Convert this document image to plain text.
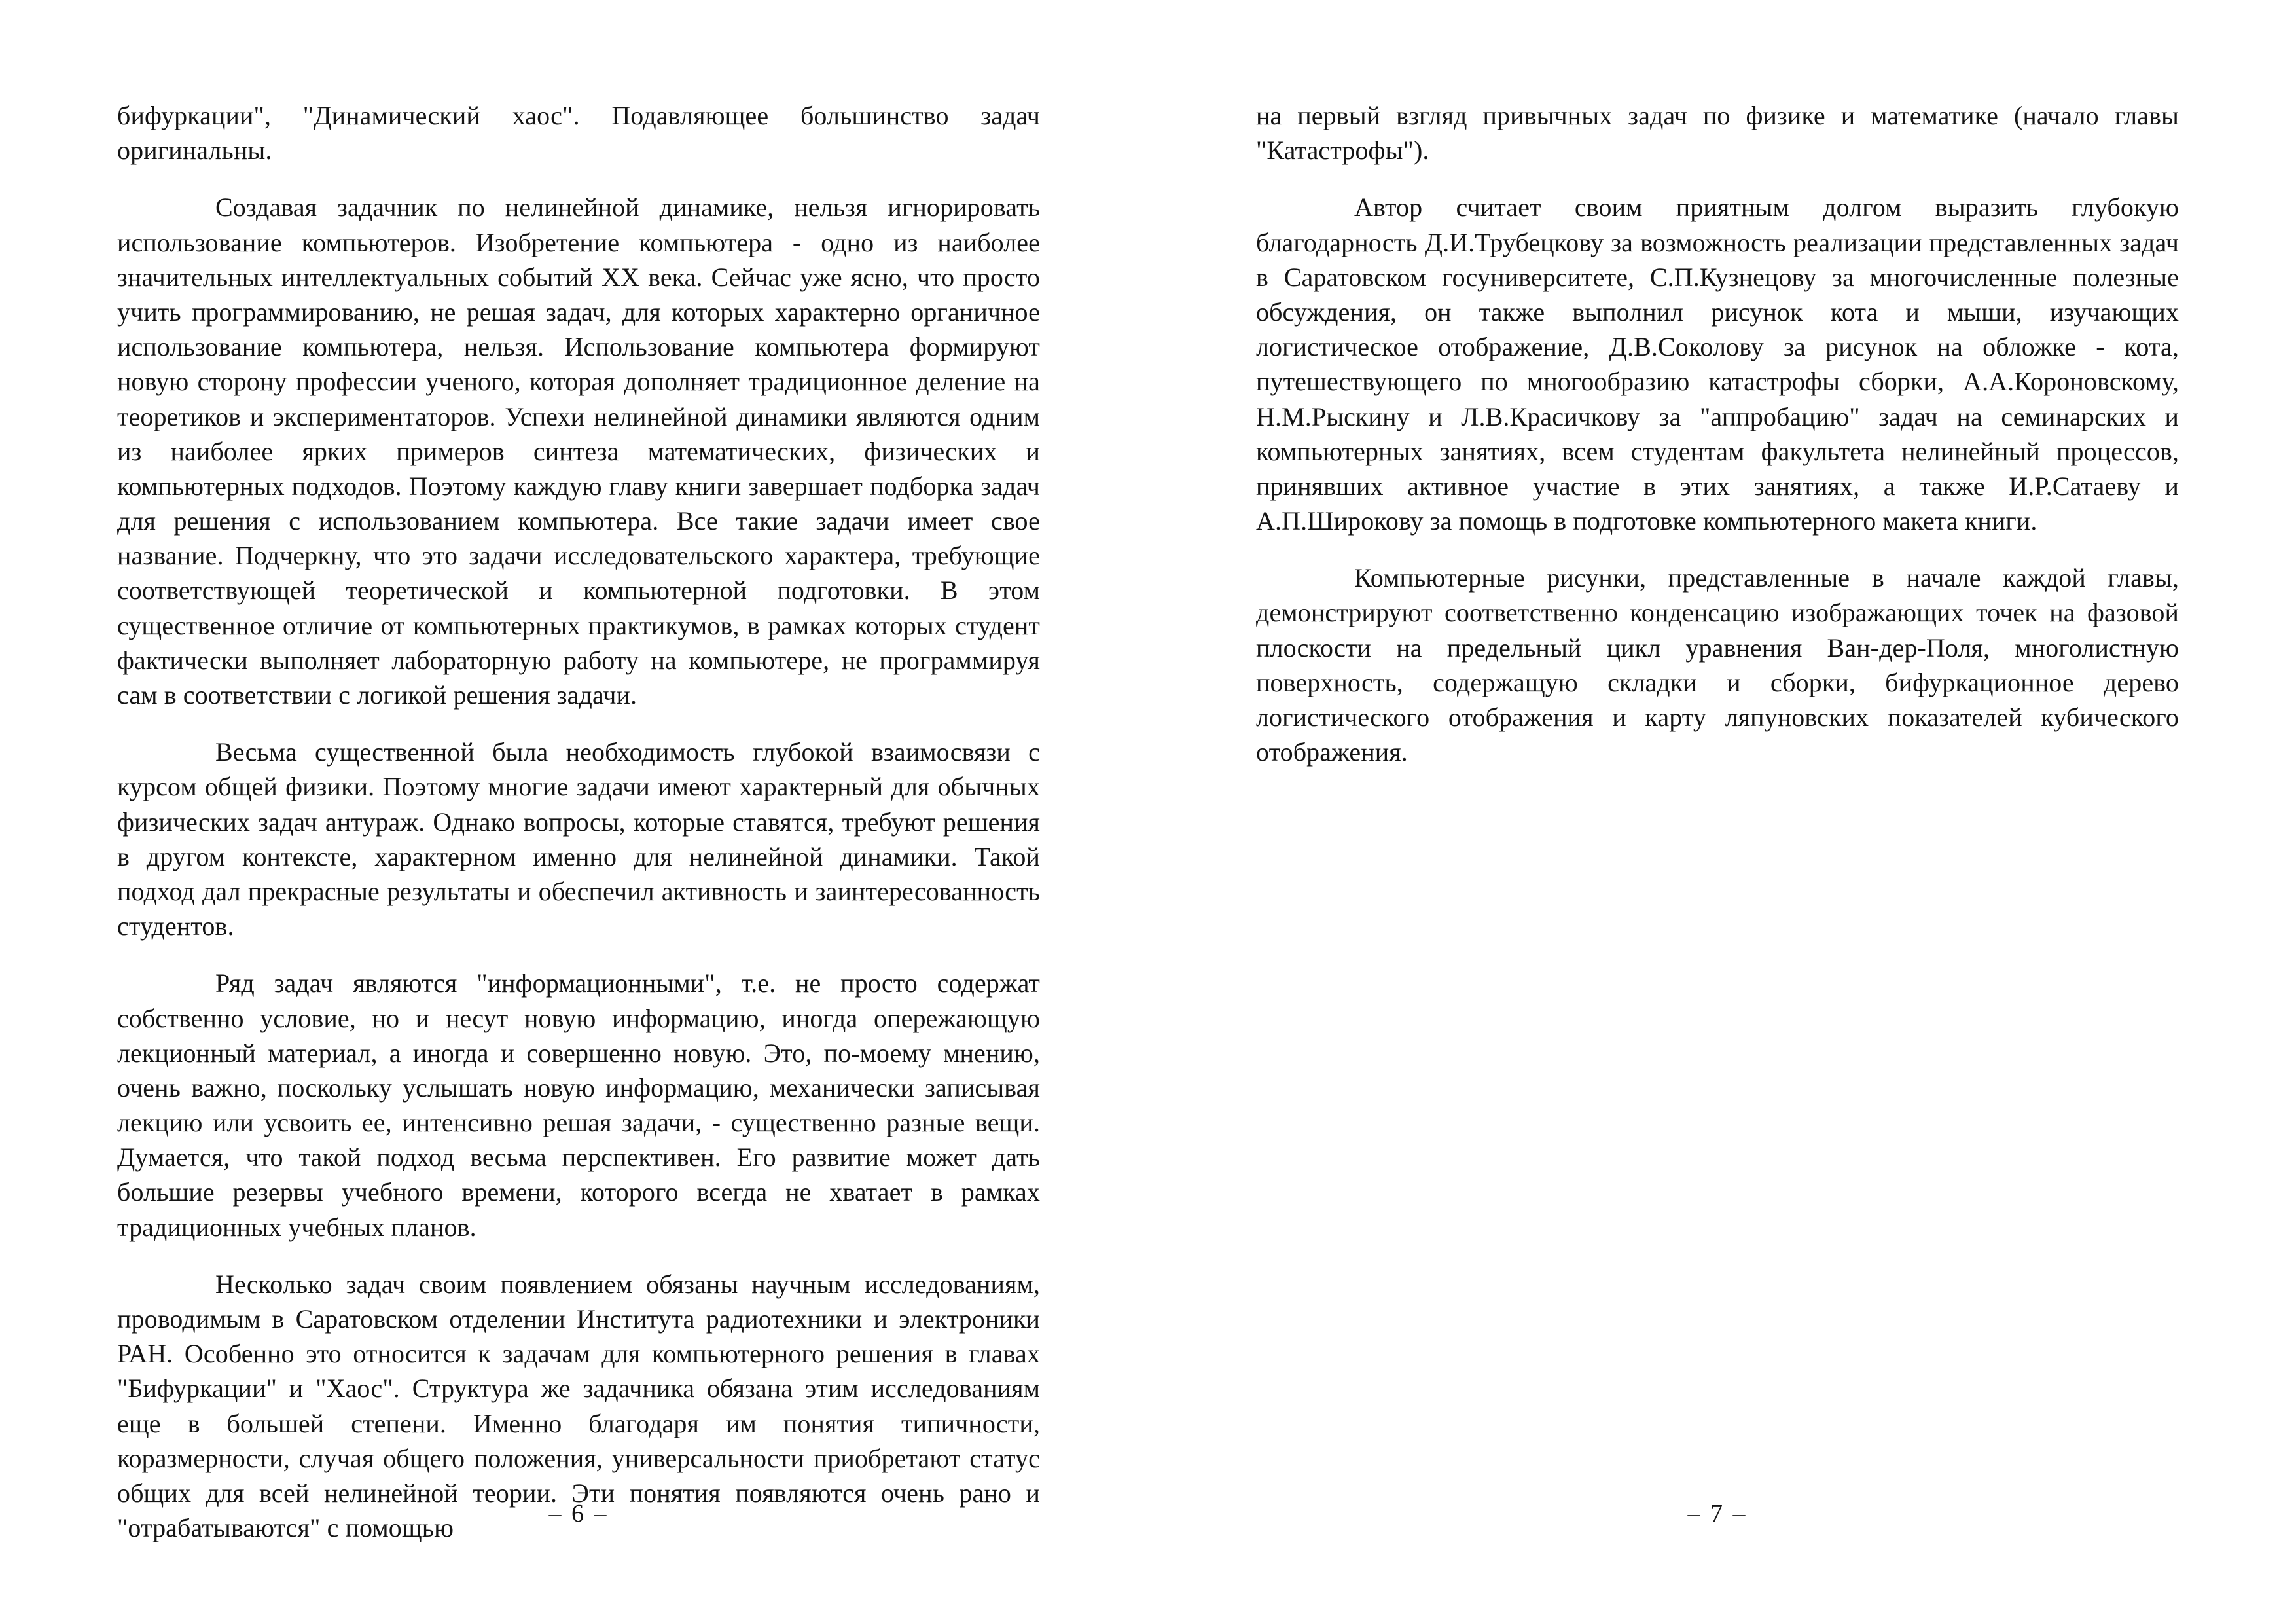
бифуркации", "Динамический хаос". Подавляющее большинство задач оригинальны.

Создавая задачник по нелинейной динамике, нельзя игнорировать использование компьютеров. Изобретение компьютера - одно из наиболее значительных интеллектуальных событий XX века. Сейчас уже ясно, что просто учить программированию, не решая задач, для которых характерно органичное использование компьютера, нельзя. Использование компьютера формируют новую сторону профессии ученого, которая дополняет традиционное деление на теоретиков и экспериментаторов. Успехи нелинейной динамики являются одним из наиболее ярких примеров синтеза математических, физических и компьютерных подходов. Поэтому каждую главу книги завершает подборка задач для решения с использованием компьютера. Все такие задачи имеет свое название. Подчеркну, что это задачи исследовательского характера, требующие соответствующей теоретической и компьютерной подготовки. В этом существенное отличие от компьютерных практикумов, в рамках которых студент фактически выполняет лабораторную работу на компьютере, не программируя сам в соответствии с логикой решения задачи.

Весьма существенной была необходимость глубокой взаимосвязи с курсом общей физики. Поэтому многие задачи имеют характерный для обычных физических задач антураж. Однако вопросы, которые ставятся, требуют решения в другом контексте, характерном именно для нелинейной динамики. Такой подход дал прекрасные результаты и обеспечил активность и заинтересованность студентов.

Ряд задач являются "информационными", т.е. не просто содержат собственно условие, но и несут новую информацию, иногда опережающую лекционный материал, а иногда и совершенно новую. Это, по-моему мнению, очень важно, поскольку услышать новую информацию, механически записывая лекцию или усвоить ее, интенсивно решая задачи, - существенно разные вещи. Думается, что такой подход весьма перспективен. Его развитие может дать большие резервы учебного времени, которого всегда не хватает в рамках традиционных учебных планов.

Несколько задач своим появлением обязаны научным исследованиям, проводимым в Саратовском отделении Института радиотехники и электроники РАН. Особенно это относится к задачам для компьютерного решения в главах "Бифуркации" и "Хаос". Структура же задачника обязана этим исследованиям еще в большей степени. Именно благодаря им понятия типичности, коразмерности, случая общего положения, универсальности приобретают статус общих для всей нелинейной теории. Эти понятия появляются очень рано и "отрабатываются" с помощью	– 6 –

на первый взгляд привычных задач по физике и математике (начало главы "Катастрофы").

Автор считает своим приятным долгом выразить глубокую благодарность Д.И.Трубецкову за возможность реализации представленных задач в Саратовском госуниверситете, С.П.Кузнецову за многочисленные полезные обсуждения, он также выполнил рисунок кота и мыши, изучающих логистическое отображение, Д.В.Соколову за рисунок на обложке - кота, путешествующего по многообразию катастрофы сборки, А.А.Короновскому, Н.М.Рыскину и Л.В.Красичкову за "аппробацию" задач на семинарских и компьютерных занятиях, всем студентам факультета нелинейный процессов, принявших активное участие в этих занятиях, а также И.Р.Сатаеву и А.П.Широкову за помощь в подготовке компьютерного макета книги.

Компьютерные рисунки, представленные в начале каждой главы, демонстрируют соответственно конденсацию изображающих точек на фазовой плоскости на предельный цикл уравнения Ван-дер-Поля, многолистную поверхность, содержащую складки и сборки, бифуркационное дерево логистического отображения и карту ляпуновских показателей кубического отображения.

– 7 –
